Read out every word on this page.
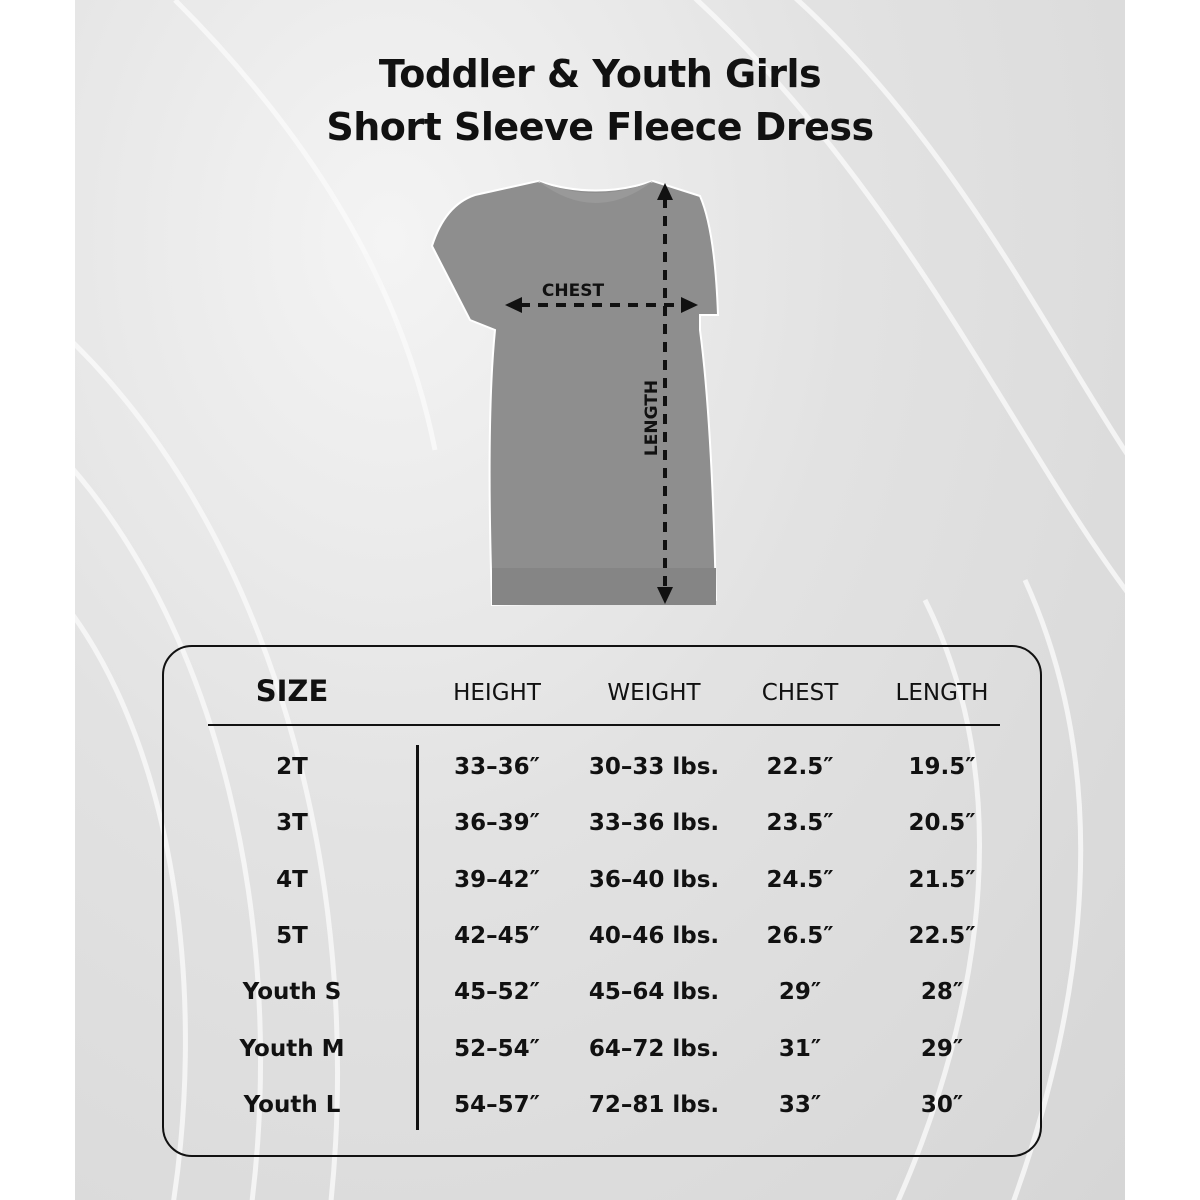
Toddler & Youth Girls
Short Sleeve Fleece Dress
CHEST
LENGTH
SIZE	HEIGHT	WEIGHT	CHEST	LENGTH
2T	33–36″	30–33 lbs.	22.5″	19.5″
3T	36–39″	33–36 lbs.	23.5″	20.5″
4T	39–42″	36–40 lbs.	24.5″	21.5″
5T	42–45″	40–46 lbs.	26.5″	22.5″
Youth S	45–52″	45–64 lbs.	29″	28″
Youth M	52–54″	64–72 lbs.	31″	29″
Youth L	54–57″	72–81 lbs.	33″	30″
